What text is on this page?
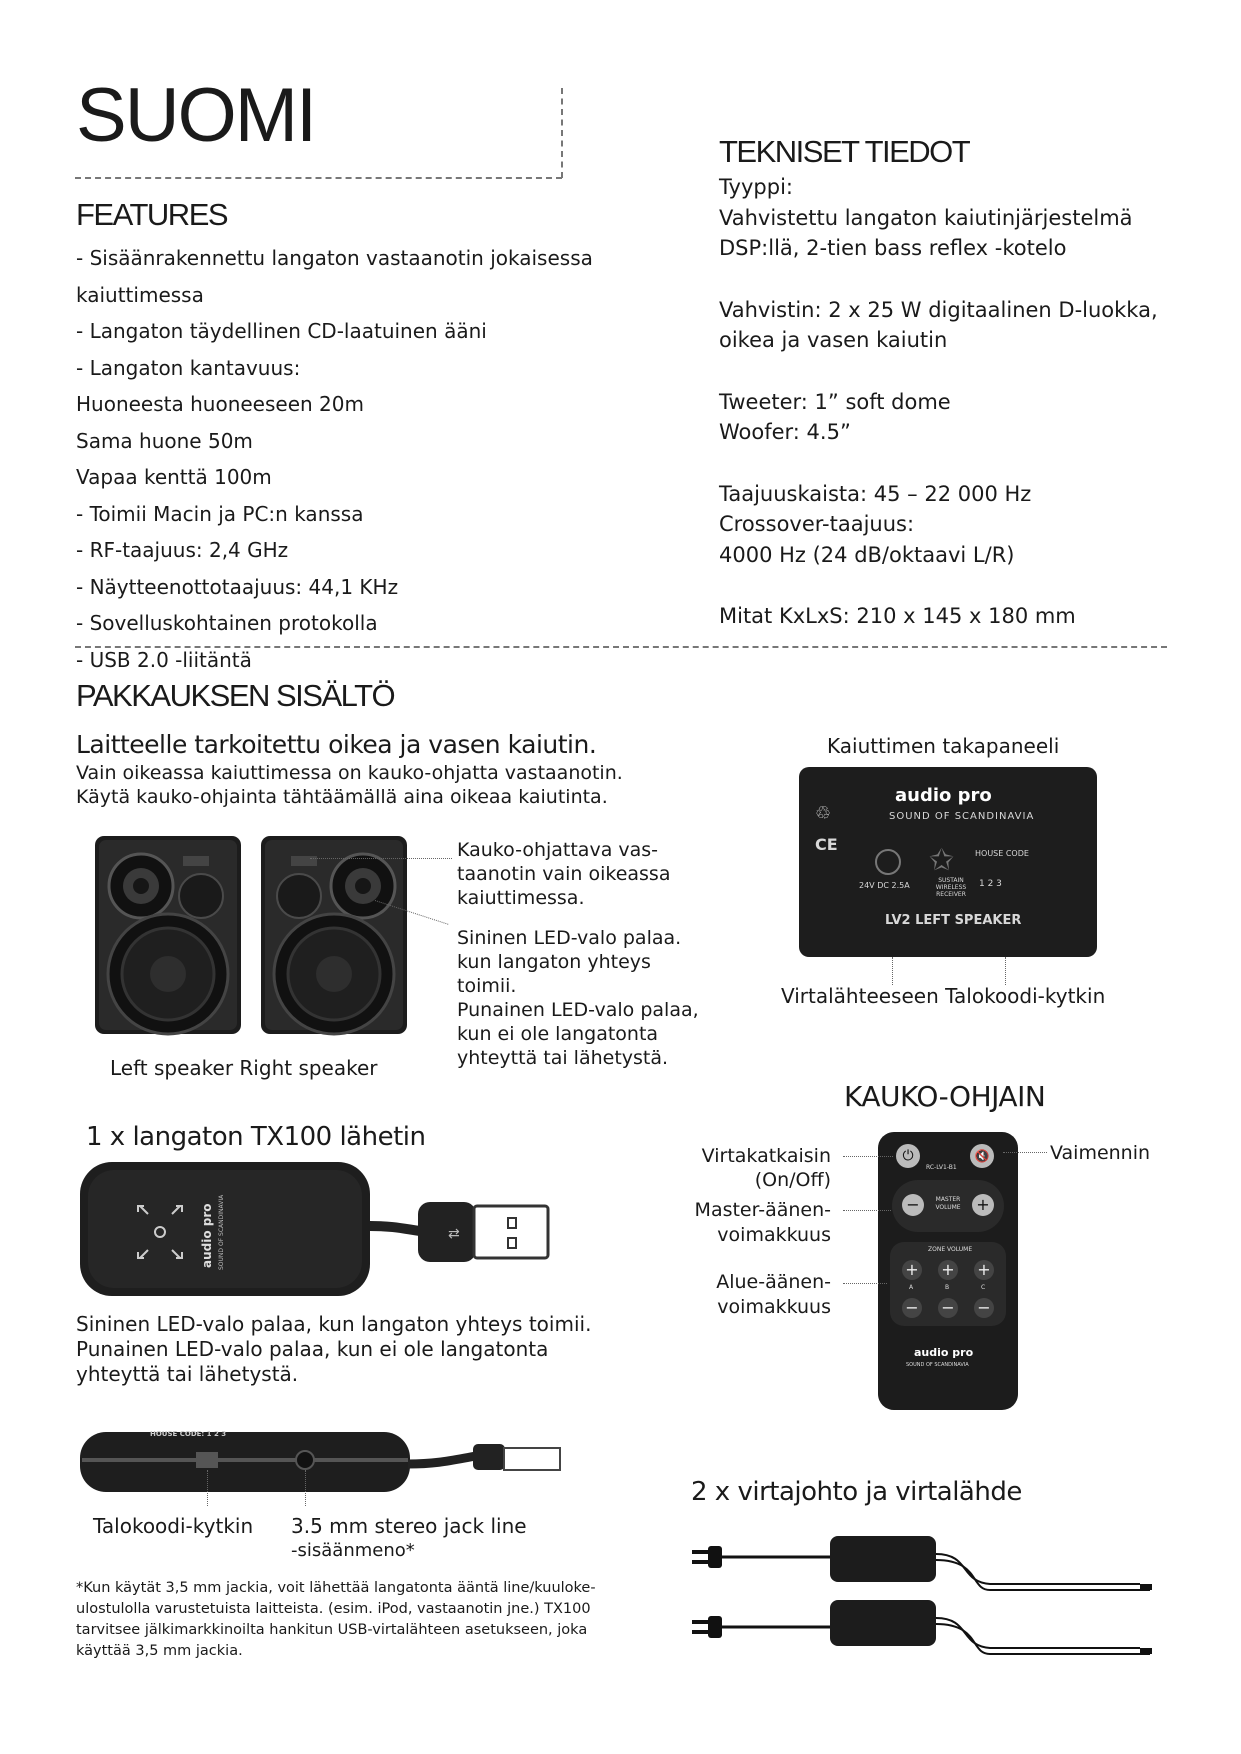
SUOMI
FEATURES
- Sisäänrakennettu langaton vastaanotin jokaisessa kaiuttimessa
- Langaton täydellinen CD-laatuinen ääni
- Langaton kantavuus:
Huoneesta huoneeseen 20m
Sama huone 50m
Vapaa kenttä 100m
- Toimii Macin ja PC:n kanssa
- RF-taajuus: 2,4 GHz
- Näytteenottotaajuus: 44,1 KHz
- Sovelluskohtainen protokolla
- USB 2.0 -liitäntä
TEKNISET TIEDOT
Tyyppi:
Vahvistettu langaton kaiutinjärjestelmä
DSP:llä, 2-tien bass reflex -kotelo
Vahvistin: 2 x 25 W digitaalinen D-luokka,
oikea ja vasen kaiutin
Tweeter: 1” soft dome
Woofer: 4.5”
Taajuuskaista: 45 – 22 000 Hz
Crossover-taajuus:
4000 Hz (24 dB/oktaavi L/R)
Mitat KxLxS: 210 x 145 x 180 mm
PAKKAUKSEN SISÄLTÖ
Laitteelle tarkoitettu oikea ja vasen kaiutin.
Vain oikeassa kaiuttimessa on kauko-ohjatta vastaanotin.
Käytä kauko-ohjainta tähtäämällä aina oikeaa kaiutinta.
Left speaker Right speaker
Kauko-ohjattava vas-
taanotin vain oikeassa
kaiuttimessa.
Sininen LED-valo palaa.
kun langaton yhteys
toimii.
Punainen LED-valo palaa,
kun ei ole langatonta
yhteyttä tai lähetystä.
Kaiuttimen takapaneeli
audio pro
SOUND OF SCANDINAVIA
♲
CE
24V DC 2.5A
✩
SUSTAIN WIRELESS RECEIVER
HOUSE CODE
1 2 3
LV2 LEFT SPEAKER
Virtalähteeseen Talokoodi-kytkin
1 x langaton TX100 lähetin
audio pro SOUND OF SCANDINAVIA	⇄
Sininen LED-valo palaa, kun langaton yhteys toimii.
Punainen LED-valo palaa, kun ei ole langatonta
yhteyttä tai lähetystä.
HOUSE CODE: 1 2 3
Talokoodi-kytkin 3.5 mm stereo jack line
-sisäänmeno*
*Kun käytät 3,5 mm jackia, voit lähettää langatonta ääntä line/kuuloke-
ulostulolla varustetuista laitteista. (esim. iPod, vastaanotin jne.) TX100
tarvitsee jälkimarkkinoilta hankitun USB-virtalähteen asetukseen, joka
käyttää 3,5 mm jackia.
KAUKO-OHJAIN
⏻	🔇
RC-LV1-B1
−	+
MASTER VOLUME
ZONE VOLUME
+ + +
A	B	C
− − −
audio pro
SOUND OF SCANDINAVIA
Virtakatkaisin
(On/Off)
Vaimennin
Master-äänen-
voimakkuus
Alue-äänen-
voimakkuus
2 x virtajohto ja virtalähde
